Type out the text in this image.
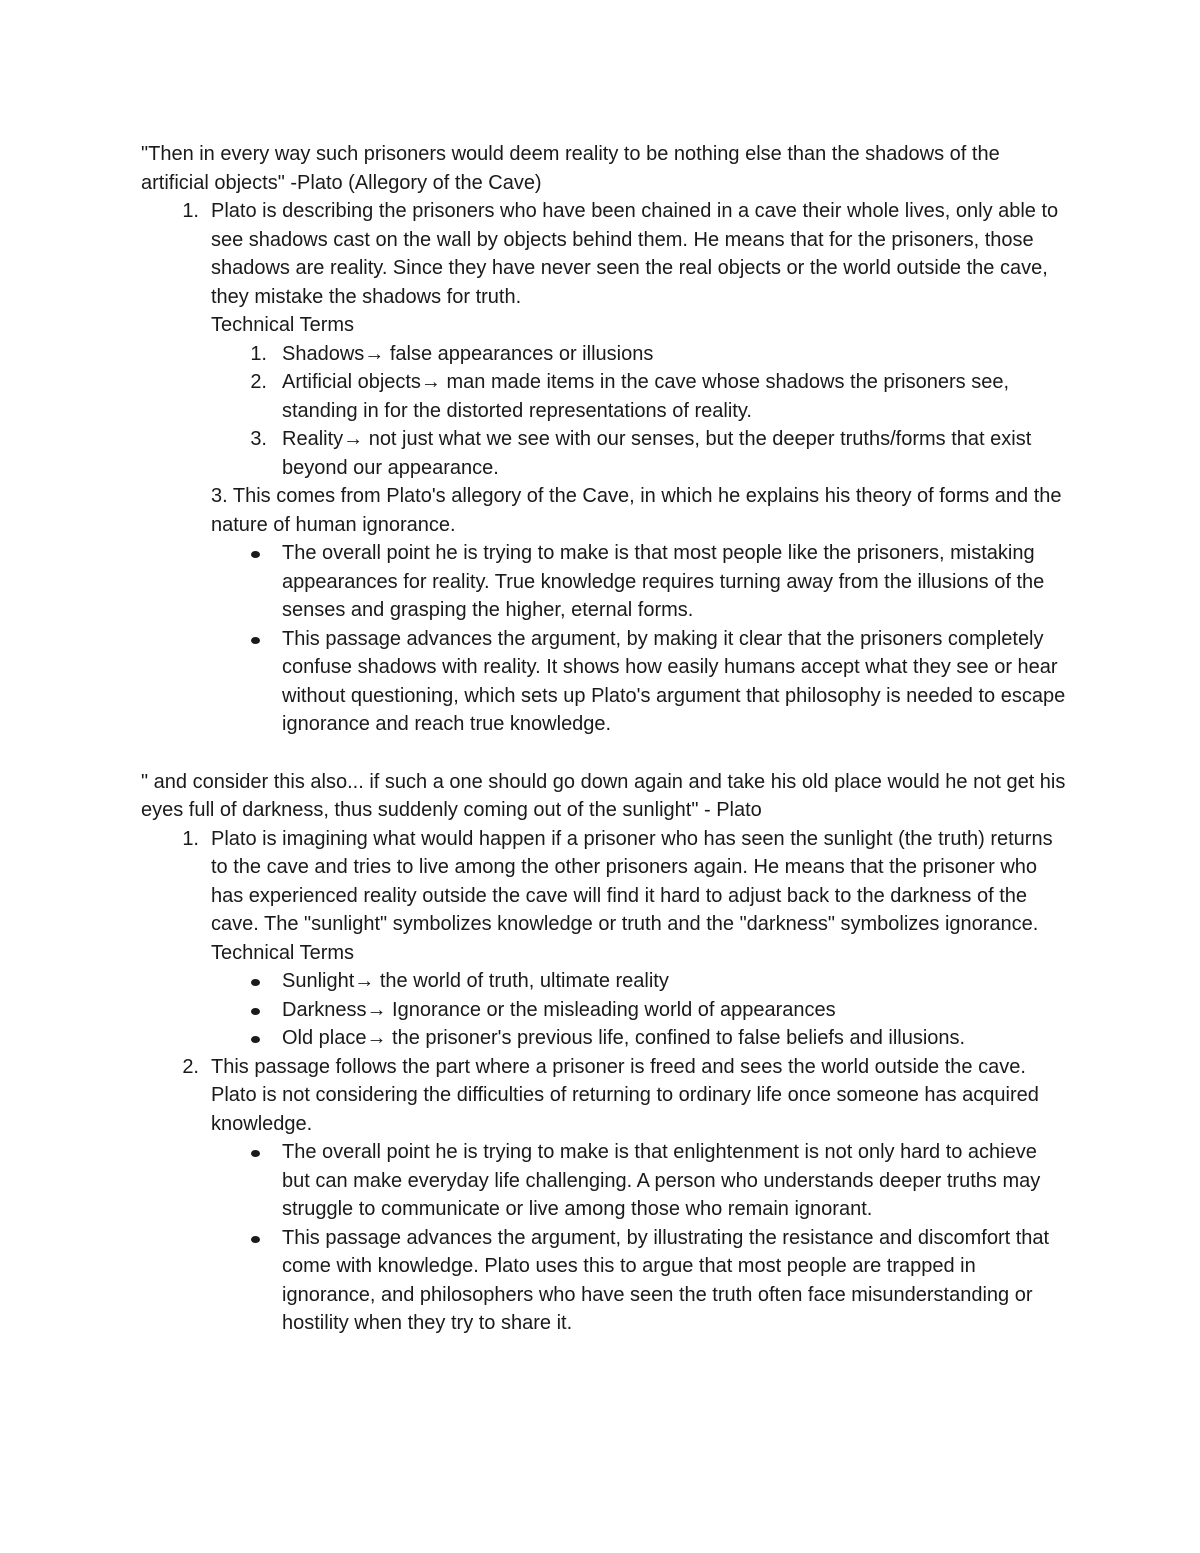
"Then in every way such prisoners would deem reality to be nothing else than the shadows of the artificial objects" -Plato (Allegory of the Cave)

1. Plato is describing the prisoners who have been chained in a cave their whole lives, only able to see shadows cast on the wall by objects behind them. He means that for the prisoners, those shadows are reality. Since they have never seen the real objects or the world outside the cave, they mistake the shadows for truth.

Technical Terms

1. Shadows→ false appearances or illusions
2. Artificial objects→ man made items in the cave whose shadows the prisoners see, standing in for the distorted representations of reality.
3. Reality→ not just what we see with our senses, but the deeper truths/forms that exist beyond our appearance.

3. This comes from Plato's allegory of the Cave, in which he explains his theory of forms and the nature of human ignorance.

The overall point he is trying to make is that most people like the prisoners, mistaking appearances for reality. True knowledge requires turning away from the illusions of the senses and grasping the higher, eternal forms.
This passage advances the argument, by making it clear that the prisoners completely confuse shadows with reality. It shows how easily humans accept what they see or hear without questioning, which sets up Plato's argument that philosophy is needed to escape ignorance and reach true knowledge.

" and consider this also... if such a one should go down again and take his old place would he not get his eyes full of darkness, thus suddenly coming out of the sunlight" - Plato

1. Plato is imagining what would happen if a prisoner who has seen the sunlight (the truth) returns to the cave and tries to live among the other prisoners again. He means that the prisoner who has experienced reality outside the cave will find it hard to adjust back to the darkness of the cave. The "sunlight" symbolizes knowledge or truth and the "darkness" symbolizes ignorance.

Technical Terms

Sunlight→ the world of truth, ultimate reality
Darkness→ Ignorance or the misleading world of appearances
Old place→ the prisoner's previous life, confined to false beliefs and illusions.
2. This passage follows the part where a prisoner is freed and sees the world outside the cave. Plato is not considering the difficulties of returning to ordinary life once someone has acquired knowledge.
The overall point he is trying to make is that enlightenment is not only hard to achieve but can make everyday life challenging. A person who understands deeper truths may struggle to communicate or live among those who remain ignorant.
This passage advances the argument, by illustrating the resistance and discomfort that come with knowledge. Plato uses this to argue that most people are trapped in ignorance, and philosophers who have seen the truth often face misunderstanding or hostility when they try to share it.
